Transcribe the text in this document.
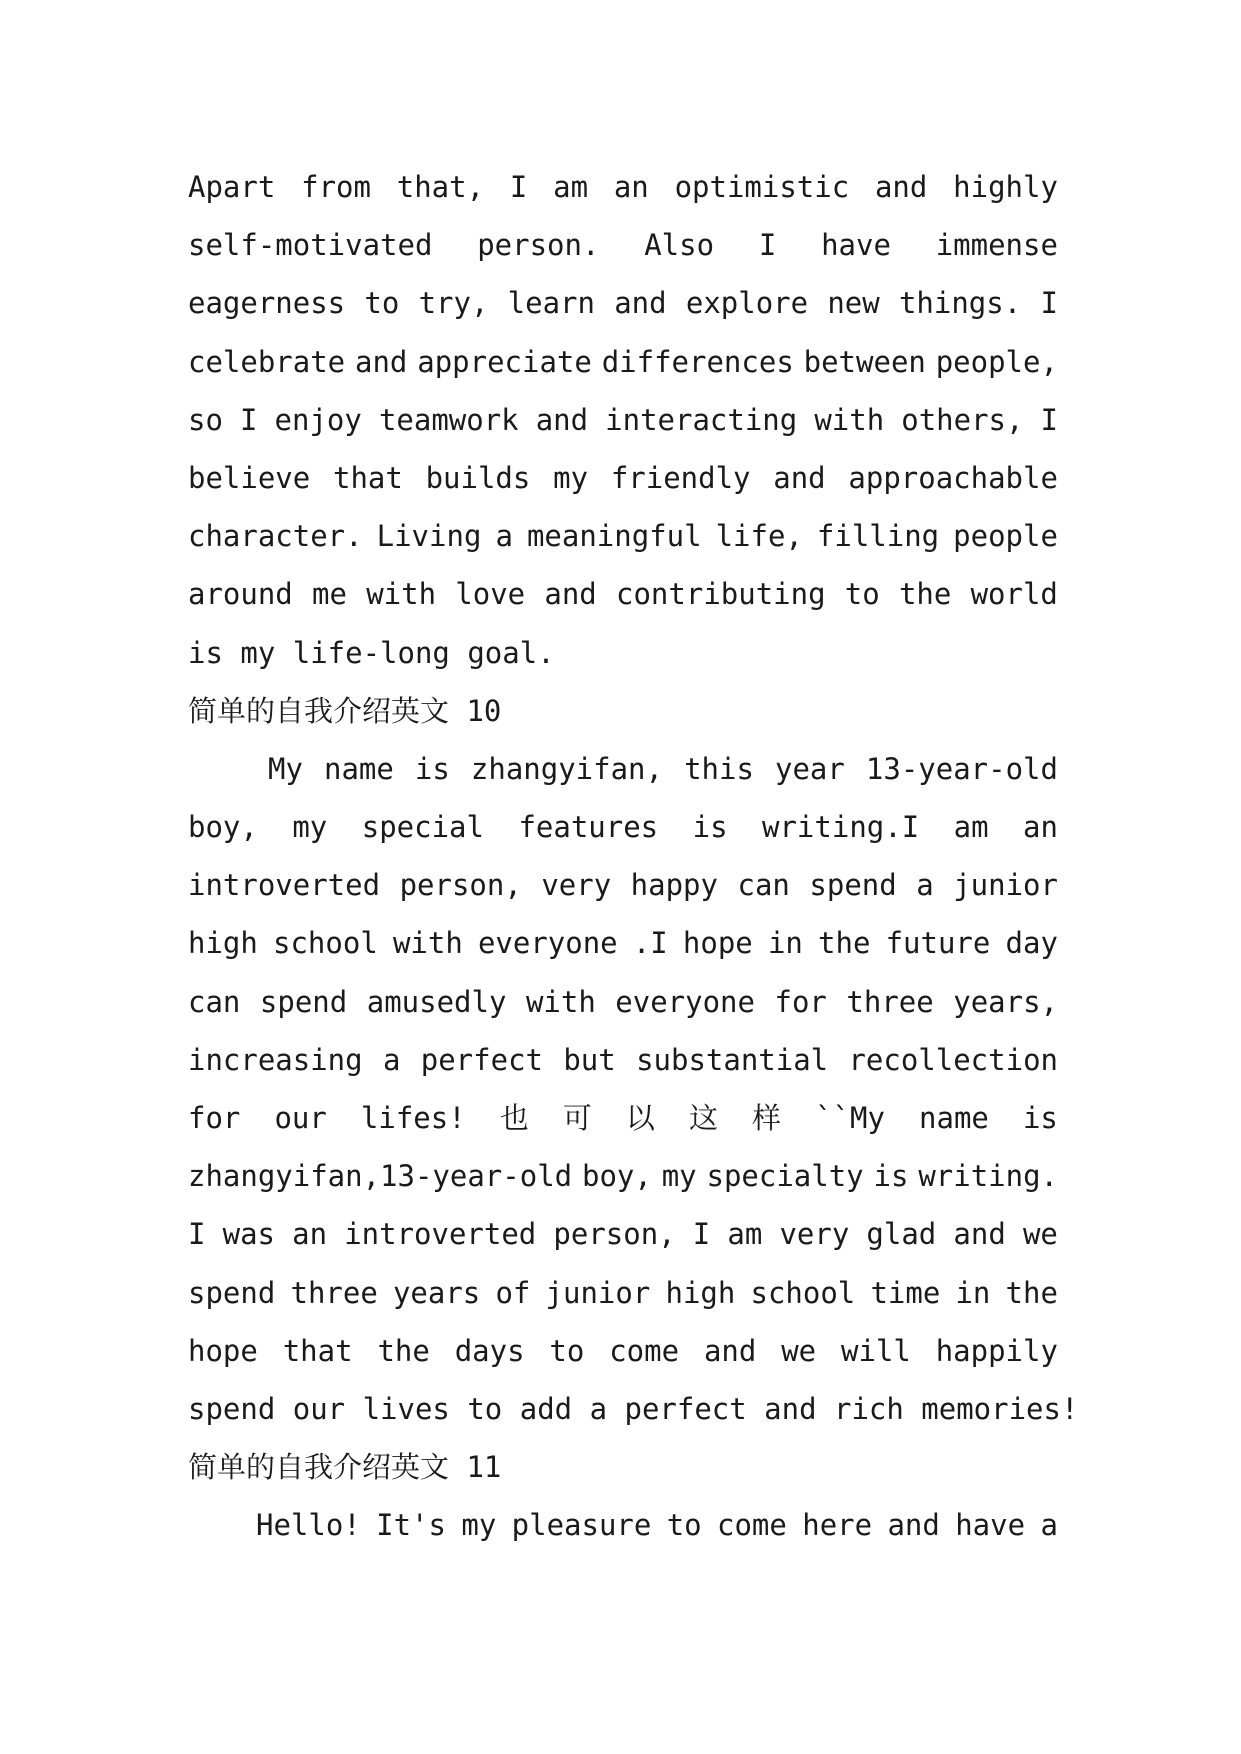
Apart from that, I am an optimistic and highly
self-motivated person. Also I have immense
eagerness to try, learn and explore new things. I
celebrate and appreciate differences between people,
so I enjoy teamwork and interacting with others, I
believe that builds my friendly and approachable
character. Living a meaningful life, filling people
around me with love and contributing to the world
is my life-long goal.
简单的自我介绍英文 10
My name is zhangyifan, this year 13-year-old
boy, my special features is writing.I am an
introverted person, very happy can spend a junior
high school with everyone .I hope in the future day
can spend amusedly with everyone for three years,
increasing a perfect but substantial recollection
for our lifes! 也 可 以 这 样 ``My name is
zhangyifan,13-year-old boy, my specialty is writing.
I was an introverted person, I am very glad and we
spend three years of junior high school time in the
hope that the days to come and we will happily
spend our lives to add a perfect and rich memories!
简单的自我介绍英文 11
Hello! It's my pleasure to come here and have a
